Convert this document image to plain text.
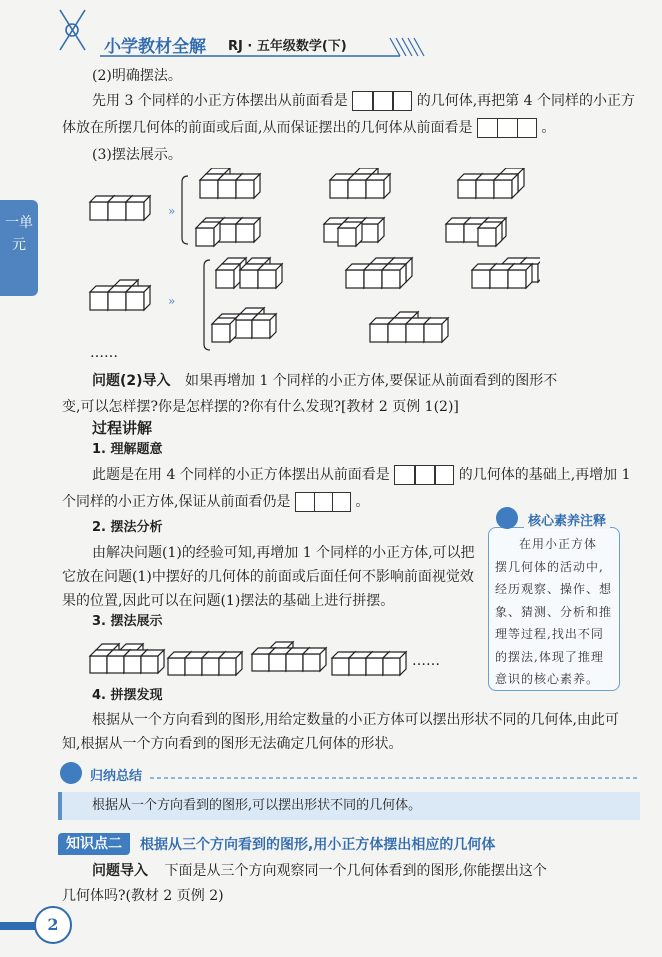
小学教材全解 RJ · 五年级数学(下)
一单元
(2)明确摆法。
先用 3 个同样的小正方体摆出从前面看是	的几何体,再把第 4 个同样的小正方
体放在所摆几何体的前面或后面,从而保证摆出的几何体从前面看是	。
(3)摆法展示。
»
»
……
问题(2)导入 如果再增加 1 个同样的小正方体,要保证从前面看到的图形不
变,可以怎样摆?你是怎样摆的?你有什么发现?[教材 2 页例 1(2)]
过程讲解
1. 理解题意
此题是在用 4 个同样的小正方体摆出从前面看是	的几何体的基础上,再增加 1
个同样的小正方体,保证从前面看仍是	。
2. 摆法分析
由解决问题(1)的经验可知,再增加 1 个同样的小正方体,可以把
它放在问题(1)中摆好的几何体的前面或后面任何不影响前面视觉效
果的位置,因此可以在问题(1)摆法的基础上进行拼摆。
核心素养注释
在用小正方体
摆几何体的活动中,
经历观察、操作、想
象、猜测、分析和推
理等过程,找出不同
的摆法,体现了推理
意识的核心素养。
3. 摆法展示
……
4. 拼摆发现
根据从一个方向看到的图形,用给定数量的小正方体可以摆出形状不同的几何体,由此可
知,根据从一个方向看到的图形无法确定几何体的形状。
归纳总结
根据从一个方向看到的图形,可以摆出形状不同的几何体。
知识点二	根据从三个方向看到的图形,用小正方体摆出相应的几何体
问题导入 下面是从三个方向观察同一个几何体看到的图形,你能摆出这个
几何体吗?(教材 2 页例 2)
2
